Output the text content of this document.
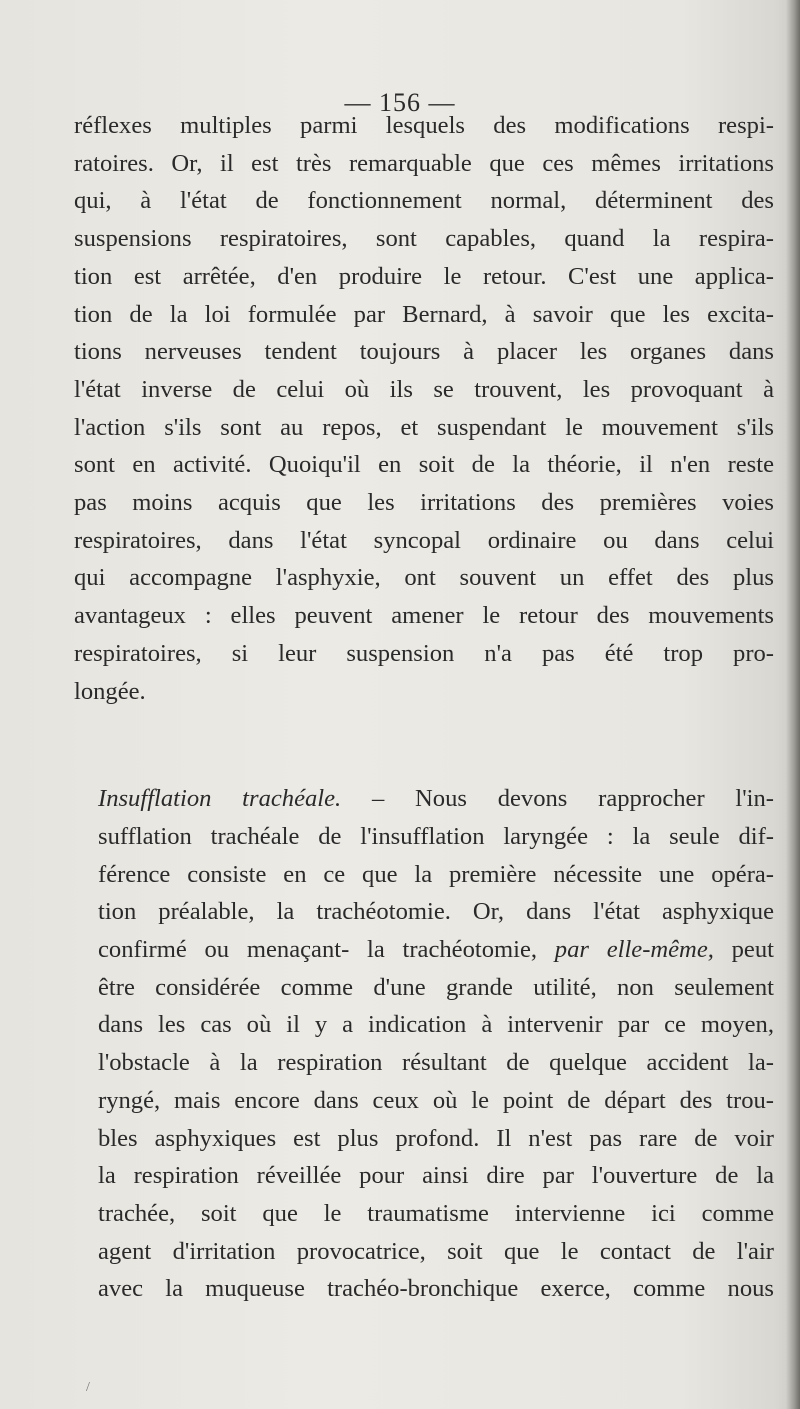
— 156 —

réflexes multiples parmi lesquels des modifications respi-
ratoires. Or, il est très remarquable que ces mêmes irritations
qui, à l'état de fonctionnement normal, déterminent des
suspensions respiratoires, sont capables, quand la respira-
tion est arrêtée, d'en produire le retour. C'est une applica-
tion de la loi formulée par Bernard, à savoir que les excita-
tions nerveuses tendent toujours à placer les organes dans
l'état inverse de celui où ils se trouvent, les provoquant à
l'action s'ils sont au repos, et suspendant le mouvement s'ils
sont en activité. Quoiqu'il en soit de la théorie, il n'en reste
pas moins acquis que les irritations des premières voies
respiratoires, dans l'état syncopal ordinaire ou dans celui
qui accompagne l'asphyxie, ont souvent un effet des plus
avantageux : elles peuvent amener le retour des mouvements
respiratoires, si leur suspension n'a pas été trop pro-
longée.

Insufflation trachéale. – Nous devons rapprocher l'in-
sufflation trachéale de l'insufflation laryngée : la seule dif-
férence consiste en ce que la première nécessite une opéra-
tion préalable, la trachéotomie. Or, dans l'état asphyxique
confirmé ou menaçant- la trachéotomie, par elle-même, peut
être considérée comme d'une grande utilité, non seulement
dans les cas où il y a indication à intervenir par ce moyen,
l'obstacle à la respiration résultant de quelque accident la-
ryngé, mais encore dans ceux où le point de départ des trou-
bles asphyxiques est plus profond. Il n'est pas rare de voir
la respiration réveillée pour ainsi dire par l'ouverture de la
trachée, soit que le traumatisme intervienne ici comme
agent d'irritation provocatrice, soit que le contact de l'air
avec la muqueuse trachéo-bronchique exerce, comme nous

/
